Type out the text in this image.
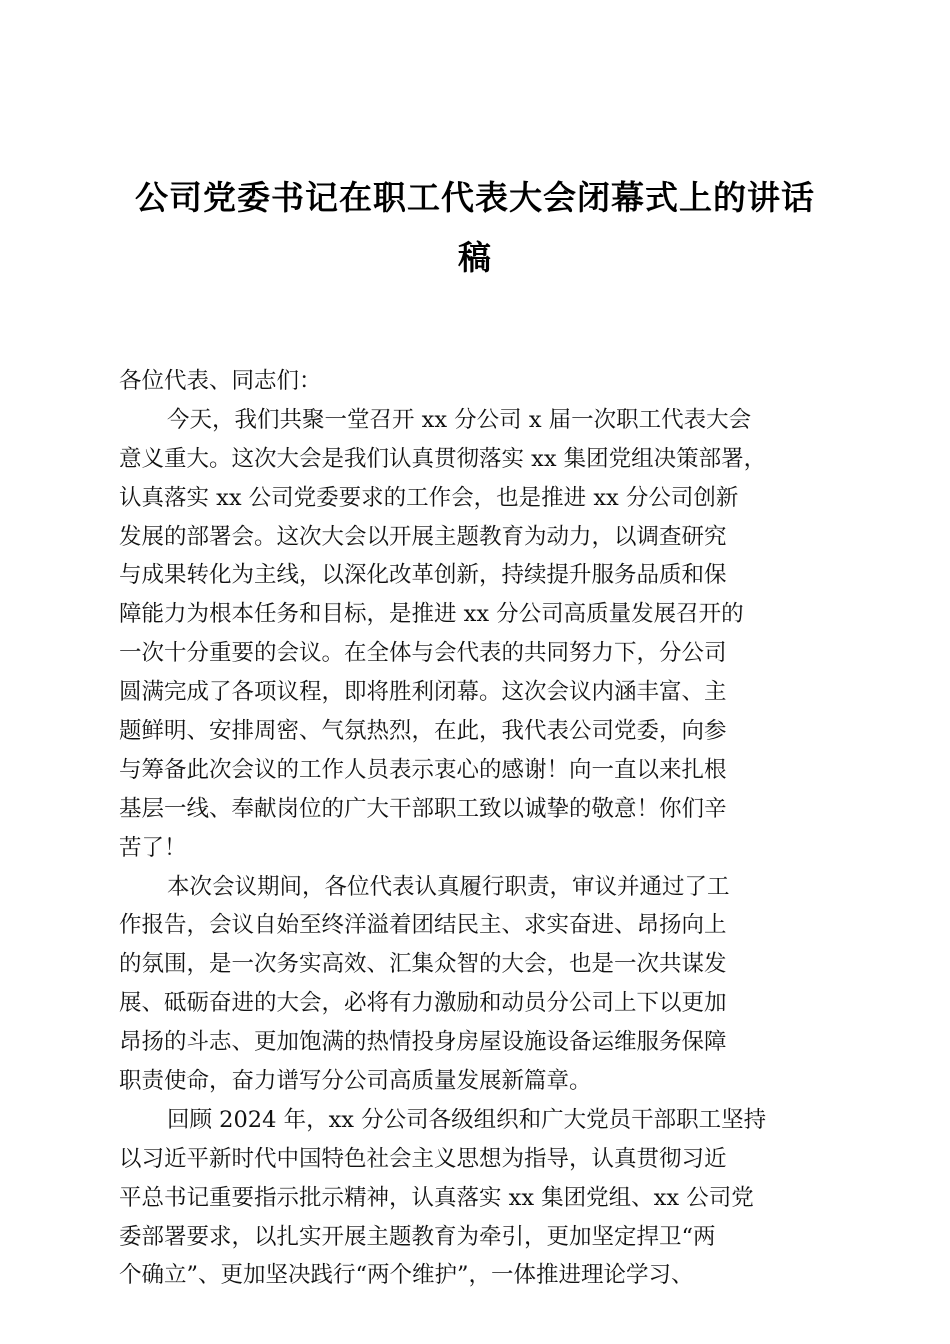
公司党委书记在职工代表大会闭幕式上的讲话
稿
各位代表、同志们：
今天，我们共聚一堂召开 xx 分公司 x 届一次职工代表大会
意义重大。这次大会是我们认真贯彻落实 xx 集团党组决策部署，
认真落实 xx 公司党委要求的工作会，也是推进 xx 分公司创新
发展的部署会。这次大会以开展主题教育为动力，以调查研究
与成果转化为主线，以深化改革创新，持续提升服务品质和保
障能力为根本任务和目标，是推进 xx 分公司高质量发展召开的
一次十分重要的会议。在全体与会代表的共同努力下，分公司
圆满完成了各项议程，即将胜利闭幕。这次会议内涵丰富、主
题鲜明、安排周密、气氛热烈，在此，我代表公司党委，向参
与筹备此次会议的工作人员表示衷心的感谢！向一直以来扎根
基层一线、奉献岗位的广大干部职工致以诚挚的敬意！你们辛
苦了！
本次会议期间，各位代表认真履行职责，审议并通过了工
作报告，会议自始至终洋溢着团结民主、求实奋进、昂扬向上
的氛围，是一次务实高效、汇集众智的大会，也是一次共谋发
展、砥砺奋进的大会，必将有力激励和动员分公司上下以更加
昂扬的斗志、更加饱满的热情投身房屋设施设备运维服务保障
职责使命，奋力谱写分公司高质量发展新篇章。
回顾 2024 年，xx 分公司各级组织和广大党员干部职工坚持
以习近平新时代中国特色社会主义思想为指导，认真贯彻习近
平总书记重要指示批示精神，认真落实 xx 集团党组、xx 公司党
委部署要求，以扎实开展主题教育为牵引，更加坚定捍卫“两
个确立”、更加坚决践行“两个维护”，一体推进理论学习、
